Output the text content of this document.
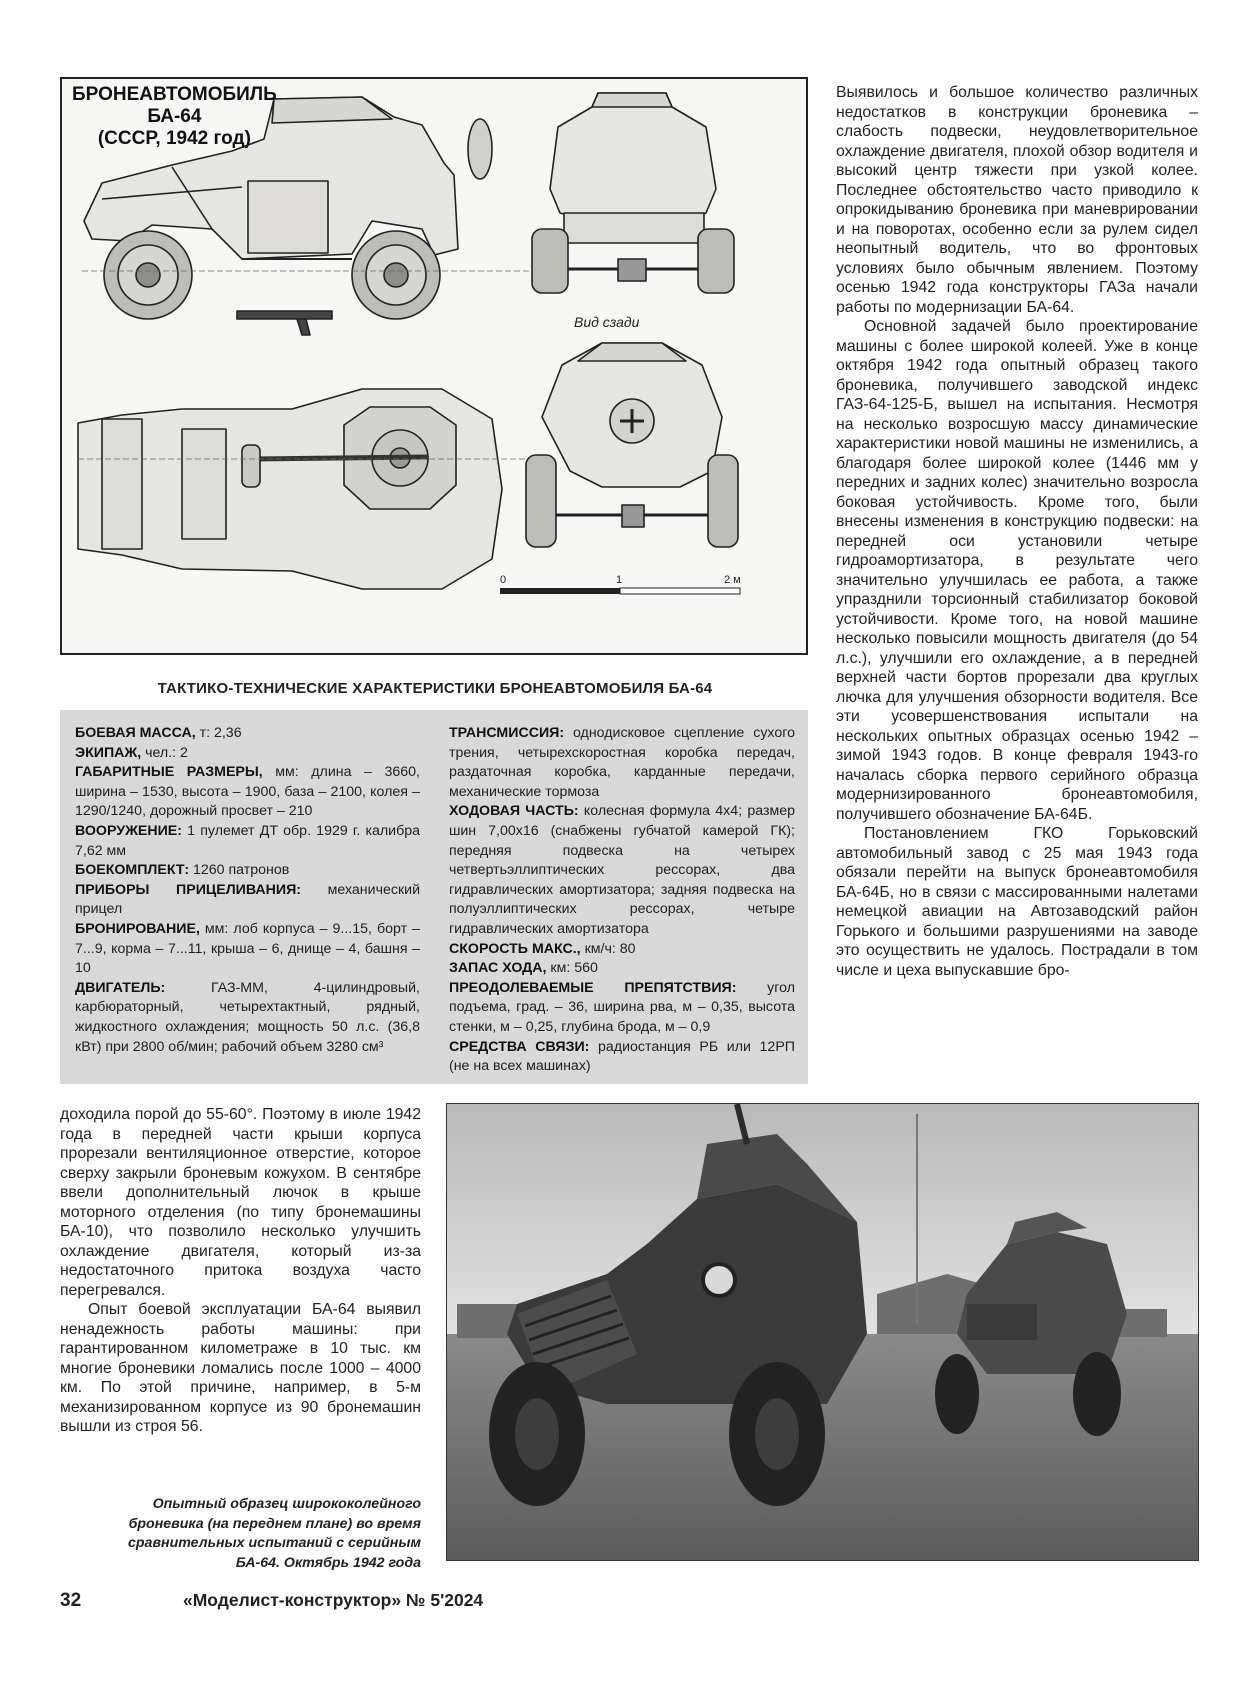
0	1	2 м
Вид сзади
БРОНЕАВТОМОБИЛЬ
БА-64
(СССР, 1942 год)
ТАКТИКО-ТЕХНИЧЕСКИЕ ХАРАКТЕРИСТИКИ БРОНЕАВТОМОБИЛЯ БА-64

БОЕВАЯ МАССА, т: 2,36

ЭКИПАЖ, чел.: 2

ГАБАРИТНЫЕ РАЗМЕРЫ, мм: длина – 3660, ширина – 1530, высота – 1900, база – 2100, колея – 1290/1240, дорожный просвет – 210

ВООРУЖЕНИЕ: 1 пулемет ДТ обр. 1929 г. калибра 7,62 мм

БОЕКОМПЛЕКТ: 1260 патронов

ПРИБОРЫ ПРИЦЕЛИВАНИЯ: механический прицел

БРОНИРОВАНИЕ, мм: лоб корпуса – 9...15, борт – 7...9, корма – 7...11, крыша – 6, днище – 4, башня – 10

ДВИГАТЕЛЬ: ГАЗ-ММ, 4-цилиндровый, карбюраторный, четырехтактный, рядный, жидкостного охлаждения; мощность 50 л.с. (36,8 кВт) при 2800 об/мин; рабочий объем 3280 см³

ТРАНСМИССИЯ: однодисковое сцепление сухого трения, четырехскоростная коробка передач, раздаточная коробка, карданные передачи, механические тормоза

ХОДОВАЯ ЧАСТЬ: колесная формула 4х4; размер шин 7,00х16 (снабжены губчатой камерой ГК); передняя подвеска на четырех четвертьэллиптических рессорах, два гидравлических амортизатора; задняя подвеска на полуэллиптических рессорах, четыре гидравлических амортизатора

СКОРОСТЬ МАКС., км/ч: 80

ЗАПАС ХОДА, км: 560

ПРЕОДОЛЕВАЕМЫЕ ПРЕПЯТСТВИЯ: угол подъема, град. – 36, ширина рва, м – 0,35, высота стенки, м – 0,25, глубина брода, м – 0,9

СРЕДСТВА СВЯЗИ: радиостанция РБ или 12РП (не на всех машинах)

Выявилось и большое количество различных недостатков в конструкции броневика – слабость подвески, неудовлетворительное охлаждение двигателя, плохой обзор водителя и высокий центр тяжести при узкой колее. Последнее обстоятельство часто приводило к опрокидыванию броневика при маневрировании и на поворотах, особенно если за рулем сидел неопытный водитель, что во фронтовых условиях было обычным явлением. Поэтому осенью 1942 года конструкторы ГАЗа начали работы по модернизации БА-64.

Основной задачей было проектирование машины с более широкой колеей. Уже в конце октября 1942 года опытный образец такого броневика, получившего заводской индекс ГАЗ-64-125-Б, вышел на испытания. Несмотря на несколько возросшую массу динамические характеристики новой машины не изменились, а благодаря более широкой колее (1446 мм у передних и задних колес) значительно возросла боковая устойчивость. Кроме того, были внесены изменения в конструкцию подвески: на передней оси установили четыре гидроамортизатора, в результате чего значительно улучшилась ее работа, а также упразднили торсионный стабилизатор боковой устойчивости. Кроме того, на новой машине несколько повысили мощность двигателя (до 54 л.с.), улучшили его охлаждение, а в передней верхней части бортов прорезали два круглых лючка для улучшения обзорности водителя. Все эти усовершенствования испытали на нескольких опытных образцах осенью 1942 – зимой 1943 годов. В конце февраля 1943-го началась сборка первого серийного образца модернизированного бронеавтомобиля, получившего обозначение БА-64Б.

Постановлением ГКО Горьковский автомобильный завод с 25 мая 1943 года обязали перейти на выпуск бронеавтомобиля БА-64Б, но в связи с массированными налетами немецкой авиации на Автозаводский район Горького и большими разрушениями на заводе это осуществить не удалось. Пострадали в том числе и цеха выпускавшие бро-

доходила порой до 55-60°. Поэтому в июле 1942 года в передней части крыши корпуса прорезали вентиляционное отверстие, которое сверху закрыли броневым кожухом. В сентябре ввели дополнительный лючок в крыше моторного отделения (по типу бронемашины БА-10), что позволило несколько улучшить охлаждение двигателя, который из-за недостаточного притока воздуха часто перегревался.

Опыт боевой эксплуатации БА-64 выявил ненадежность работы машины: при гарантированном километраже в 10 тыс. км многие броневики ломались после 1000 – 4000 км. По этой причине, например, в 5-м механизированном корпусе из 90 бронемашин вышли из строя 56.

Опытный образец ширококолейного броневика (на переднем плане) во время сравнительных испытаний с серийным БА-64. Октябрь 1942 года
32	«Моделист-конструктор» № 5'2024
